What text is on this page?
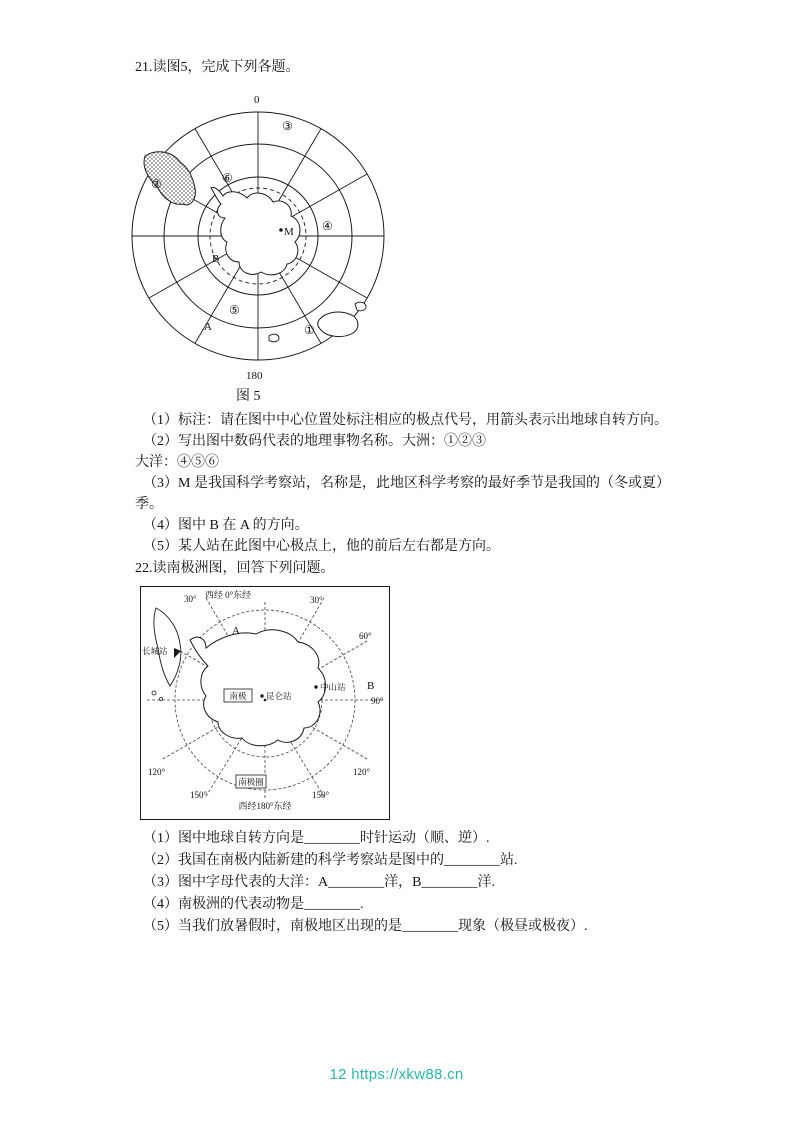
21.读图5，完成下列各题。
0
180
③
②	⑥
④
⑤
①
M
B
A
图 5
（1）标注：请在图中中心位置处标注相应的极点代号，用箭头表示出地球自转方向。
（2）写出图中数码代表的地理事物名称。大洲：①②③
大洋：④⑤⑥
（3）M 是我国科学考察站，名称是，此地区科学考察的最好季节是我国的（冬或夏）
季。
（4）图中 B 在 A 的方向。
（5）某人站在此图中心极点上，他的前后左右都是方向。
22.读南极洲图，回答下列问题。
西经 0°东经
30°	30°
60°
90°
120°
150°
西经180°东经
150°
120°
长城站
南极 昆仑站
中山站
南极圈
A
B
（1）图中地球自转方向是________时针运动（顺、逆）.
（2）我国在南极内陆新建的科学考察站是图中的________站.
（3）图中字母代表的大洋：A________洋，B________洋.
（4）南极洲的代表动物是________.
（5）当我们放暑假时，南极地区出现的是________现象（极昼或极夜）.
12 https://xkw88.cn
